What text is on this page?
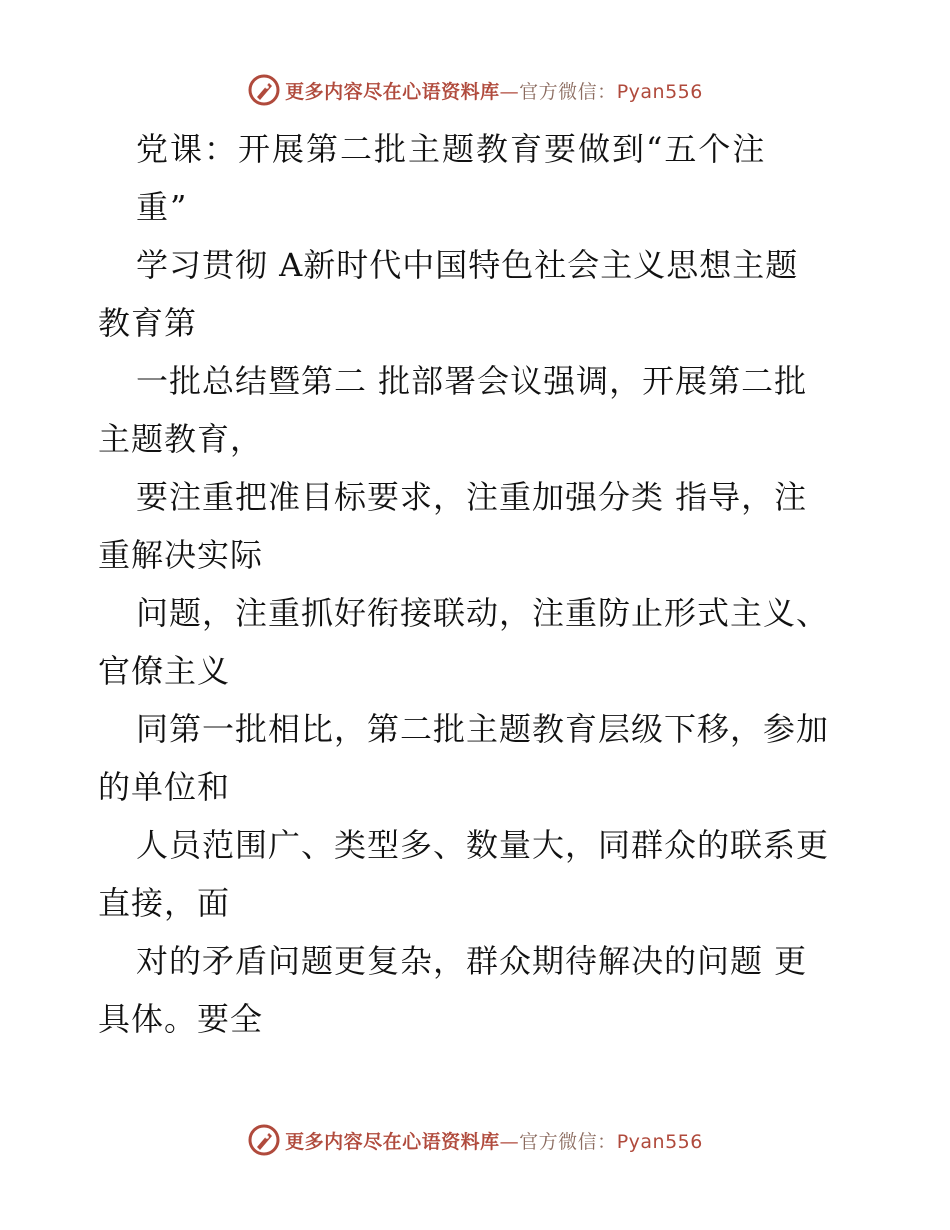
更多内容尽在心语资料库—官方微信：Pyan556
党课：开展第二批主题教育要做到“五个注
重”
学习贯彻 A新时代中国特色社会主义思想主题
教育第
一批总结暨第二 批部署会议强调，开展第二批
主题教育，
要注重把准目标要求，注重加强分类 指导，注
重解决实际
问题，注重抓好衔接联动，注重防止形式主义、
官僚主义
同第一批相比，第二批主题教育层级下移，参加
的单位和
人员范围广、类型多、数量大，同群众的联系更
直接，面
对的矛盾问题更复杂，群众期待解决的问题 更
具体。要全
更多内容尽在心语资料库—官方微信：Pyan556
